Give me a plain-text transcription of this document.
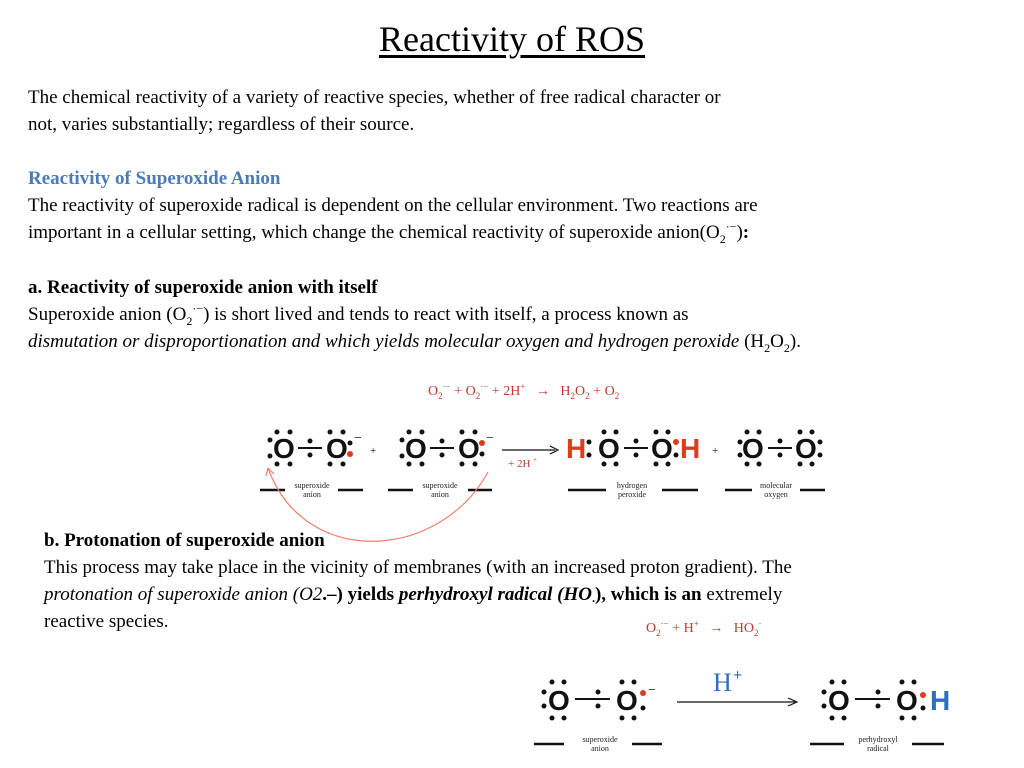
Reactivity of ROS

The chemical reactivity of a variety of reactive species, whether of free radical character or
not, varies substantially; regardless of their source.

Reactivity of Superoxide Anion
The reactivity of superoxide radical is dependent on the cellular environment. Two reactions are
important in a cellular setting, which change the chemical reactivity of superoxide $anion(O_2^{\cdot-})$:

a. Reactivity of superoxide anion with itself
Superoxide anion $(O_2^{\cdot-})$ is short lived and tends to react with itself, a process known as
dismutation or disproportionation and which yields molecular oxygen and hydrogen peroxide $(H_2O_2)$.

$O_2^{\cdot-} + O_2^{\cdot-} + 2H^+ \to H_2O_2 + O_2$
O O −
superoxide
anion
+ O O −
superoxide
anion
+ 2H + H O O H
hydrogen
peroxide
+ O O
molecular
oxygen

b. Protonation of superoxide anion
This process may take place in the vicinity of membranes (with an increased proton gradient). The
protonation of superoxide anion (O2.–) yields perhydroxyl radical $(HO_\cdot)$, which is an extremely
reactive species.	$O_2^{\cdot-} + H^+ \to HO_2^\cdot$
O O −
superoxide
anion
H +
O O H
perhydroxyl
radical
